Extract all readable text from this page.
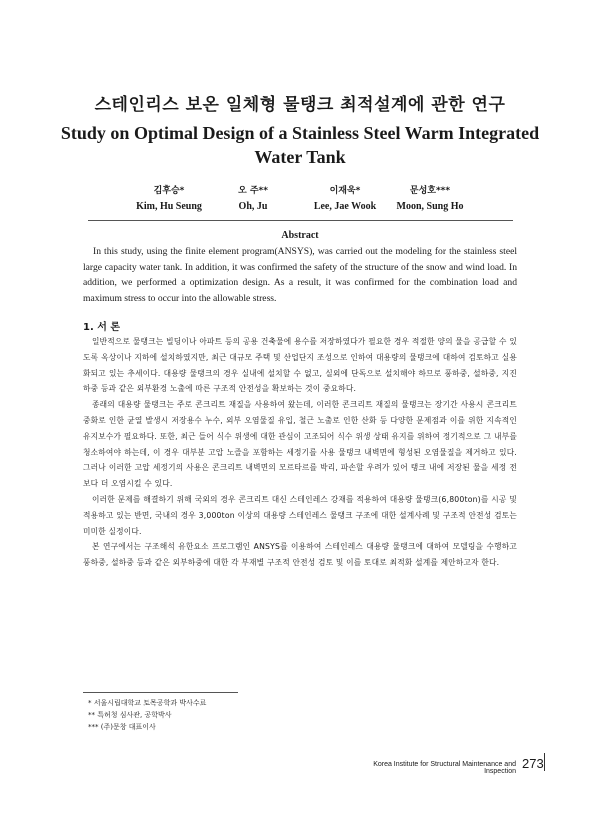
스테인리스 보온 일체형 물탱크 최적설계에 관한 연구
Study on Optimal Design of a Stainless Steel Warm Integrated Water Tank
김후승*
Kim, Hu Seung
오 주**
Oh, Ju
이재욱*
Lee, Jae Wook
문성호***
Moon, Sung Ho
Abstract
In this study, using the finite element program(ANSYS), was carried out the modeling for the stainless steel large capacity water tank. In addition, it was confirmed the safety of the structure of the snow and wind load. In addition, we performed a optimization design. As a result, it was confirmed for the combination load and maximum stress to occur into the allowable stress.
1. 서 론

일반적으로 물탱크는 빌딩이나 아파트 등의 공용 건축물에 용수를 저장하였다가 필요한 경우 적절한 양의 물을 공급할 수 있도록 옥상이나 지하에 설치하였지만, 최근 대규모 주택 및 산업단지 조성으로 인하여 대용량의 물탱크에 대하여 검토하고 실용화되고 있는 추세이다. 대용량 물탱크의 경우 실내에 설치할 수 없고, 실외에 단독으로 설치해야 하므로 풍하중, 설하중, 지진하중 등과 같은 외부환경 노출에 따른 구조적 안전성을 확보하는 것이 중요하다.

종래의 대용량 물탱크는 주로 콘크리트 재질을 사용하여 왔는데, 이러한 콘크리트 재질의 물탱크는 장기간 사용시 콘크리트 중화로 인한 균열 발생시 저장용수 누수, 외부 오염물질 유입, 철근 노출로 인한 산화 등 다양한 문제점과 이를 위한 지속적인 유지보수가 필요하다. 또한, 최근 들어 식수 위생에 대한 관심이 고조되어 식수 위생 상태 유지를 위하여 정기적으로 그 내부를 청소하여야 하는데, 이 경우 대부분 고압 노즐을 포함하는 세정기를 사용 물탱크 내벽면에 형성된 오염물질을 제거하고 있다. 그러나 이러한 고압 세정기의 사용은 콘크리트 내벽면의 모르타르를 박리, 파손할 우려가 있어 탱크 내에 저장된 물을 세정 전보다 더 오염시킬 수 있다.

이러한 문제를 해결하기 위해 국외의 경우 콘크리트 대신 스테인레스 강재를 적용하여 대용량 물탱크(6,800ton)를 시공 및 적용하고 있는 반면, 국내의 경우 3,000ton 이상의 대용량 스테인레스 물탱크 구조에 대한 설계사례 및 구조적 안전성 검토는 미미한 실정이다.

본 연구에서는 구조해석 유한요소 프로그램인 ANSYS를 이용하여 스테인레스 대용량 물탱크에 대하여 모델링을 수행하고 풍하중, 설하중 등과 같은 외부하중에 대한 각 부재별 구조적 안전성 검토 및 이를 토대로 최적화 설계를 제안하고자 한다.

* 서울시립대학교 토목공학과 박사수료
** 특허청 심사관, 공학박사
*** (주)문창 대표이사
Korea Institute for Structural Maintenance and Inspection
273
